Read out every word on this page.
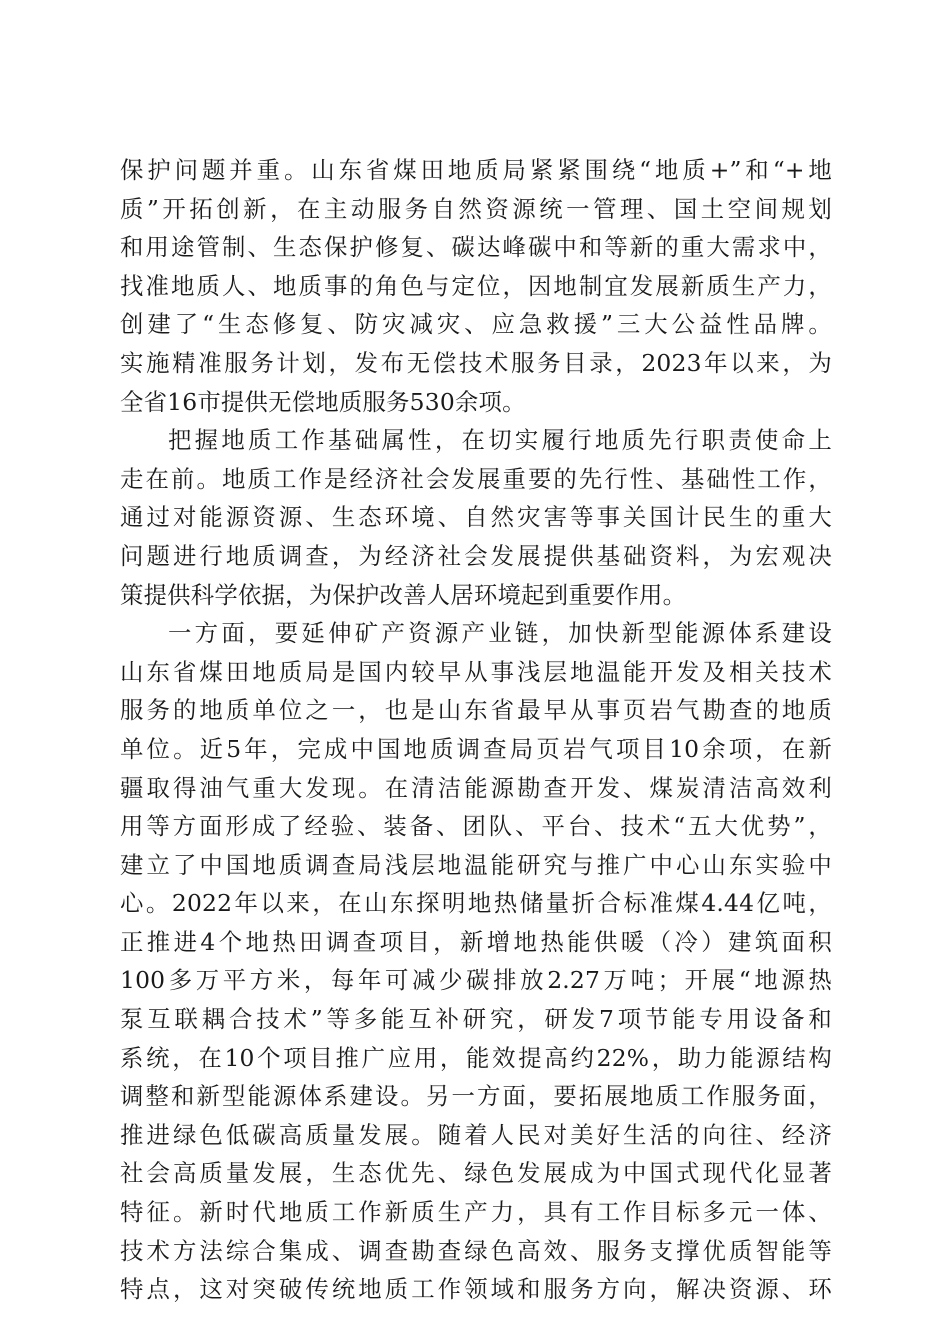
保护问题并重。山东省煤田地质局紧紧围绕“地质+”和“+地
质”开拓创新，在主动服务自然资源统一管理、国土空间规划
和用途管制、生态保护修复、碳达峰碳中和等新的重大需求中，
找准地质人、地质事的角色与定位，因地制宜发展新质生产力，
创建了“生态修复、防灾减灾、应急救援”三大公益性品牌。
实施精准服务计划，发布无偿技术服务目录，2023年以来，为
全省16市提供无偿地质服务530余项。
把握地质工作基础属性，在切实履行地质先行职责使命上
走在前。地质工作是经济社会发展重要的先行性、基础性工作，
通过对能源资源、生态环境、自然灾害等事关国计民生的重大
问题进行地质调查，为经济社会发展提供基础资料，为宏观决
策提供科学依据，为保护改善人居环境起到重要作用。
一方面，要延伸矿产资源产业链，加快新型能源体系建设
山东省煤田地质局是国内较早从事浅层地温能开发及相关技术
服务的地质单位之一，也是山东省最早从事页岩气勘查的地质
单位。近5年，完成中国地质调查局页岩气项目10余项，在新
疆取得油气重大发现。在清洁能源勘查开发、煤炭清洁高效利
用等方面形成了经验、装备、团队、平台、技术“五大优势”，
建立了中国地质调查局浅层地温能研究与推广中心山东实验中
心。2022年以来，在山东探明地热储量折合标准煤4.44亿吨，
正推进4个地热田调查项目，新增地热能供暖（冷）建筑面积
100多万平方米，每年可减少碳排放2.27万吨；开展“地源热
泵互联耦合技术”等多能互补研究，研发7项节能专用设备和
系统，在10个项目推广应用，能效提高约22%，助力能源结构
调整和新型能源体系建设。另一方面，要拓展地质工作服务面，
推进绿色低碳高质量发展。随着人民对美好生活的向往、经济
社会高质量发展，生态优先、绿色发展成为中国式现代化显著
特征。新时代地质工作新质生产力，具有工作目标多元一体、
技术方法综合集成、调查勘查绿色高效、服务支撑优质智能等
特点，这对突破传统地质工作领域和服务方向，解决资源、环
